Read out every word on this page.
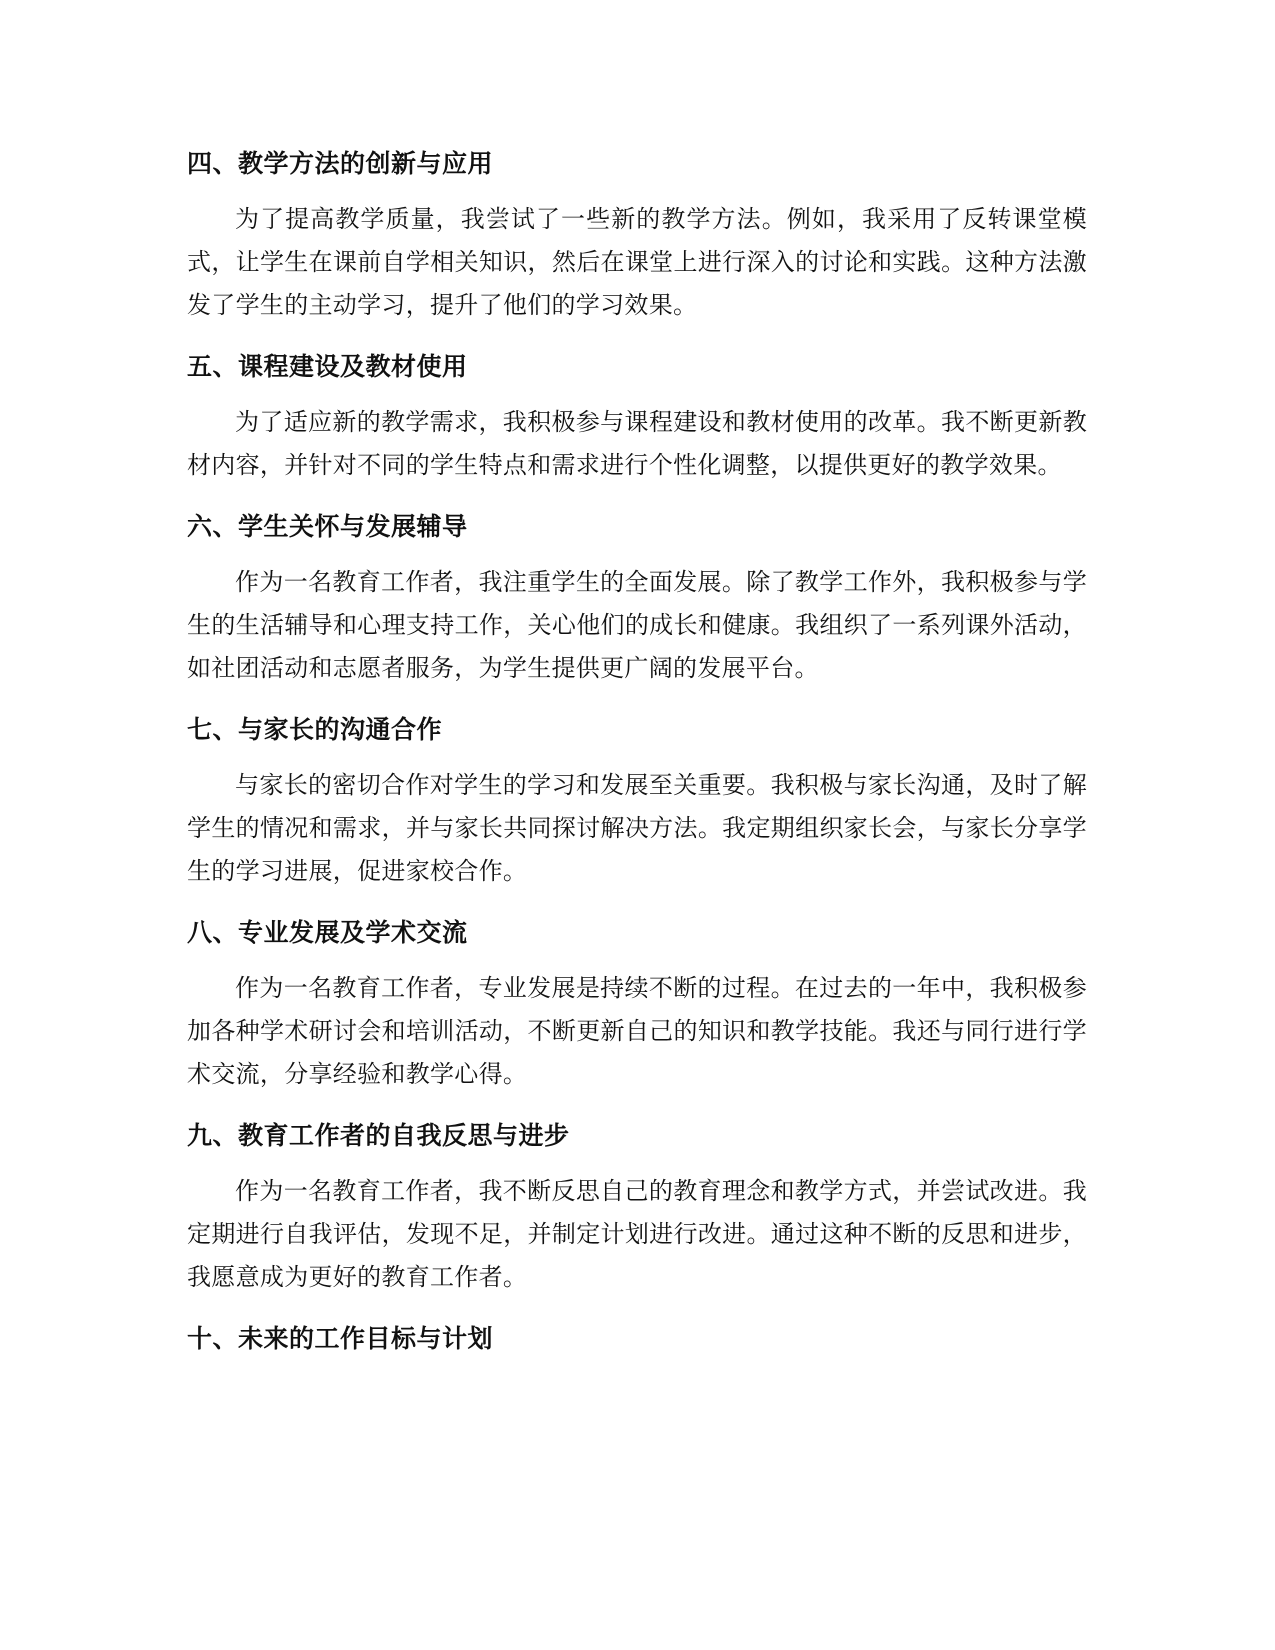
四、教学方法的创新与应用

为了提高教学质量，我尝试了一些新的教学方法。例如，我采用了反转课堂模式，让学生在课前自学相关知识，然后在课堂上进行深入的讨论和实践。这种方法激发了学生的主动学习，提升了他们的学习效果。

五、课程建设及教材使用

为了适应新的教学需求，我积极参与课程建设和教材使用的改革。我不断更新教材内容，并针对不同的学生特点和需求进行个性化调整，以提供更好的教学效果。

六、学生关怀与发展辅导

作为一名教育工作者，我注重学生的全面发展。除了教学工作外，我积极参与学生的生活辅导和心理支持工作，关心他们的成长和健康。我组织了一系列课外活动，如社团活动和志愿者服务，为学生提供更广阔的发展平台。

七、与家长的沟通合作

与家长的密切合作对学生的学习和发展至关重要。我积极与家长沟通，及时了解学生的情况和需求，并与家长共同探讨解决方法。我定期组织家长会，与家长分享学生的学习进展，促进家校合作。

八、专业发展及学术交流

作为一名教育工作者，专业发展是持续不断的过程。在过去的一年中，我积极参加各种学术研讨会和培训活动，不断更新自己的知识和教学技能。我还与同行进行学术交流，分享经验和教学心得。

九、教育工作者的自我反思与进步

作为一名教育工作者，我不断反思自己的教育理念和教学方式，并尝试改进。我定期进行自我评估，发现不足，并制定计划进行改进。通过这种不断的反思和进步，我愿意成为更好的教育工作者。

十、未来的工作目标与计划
